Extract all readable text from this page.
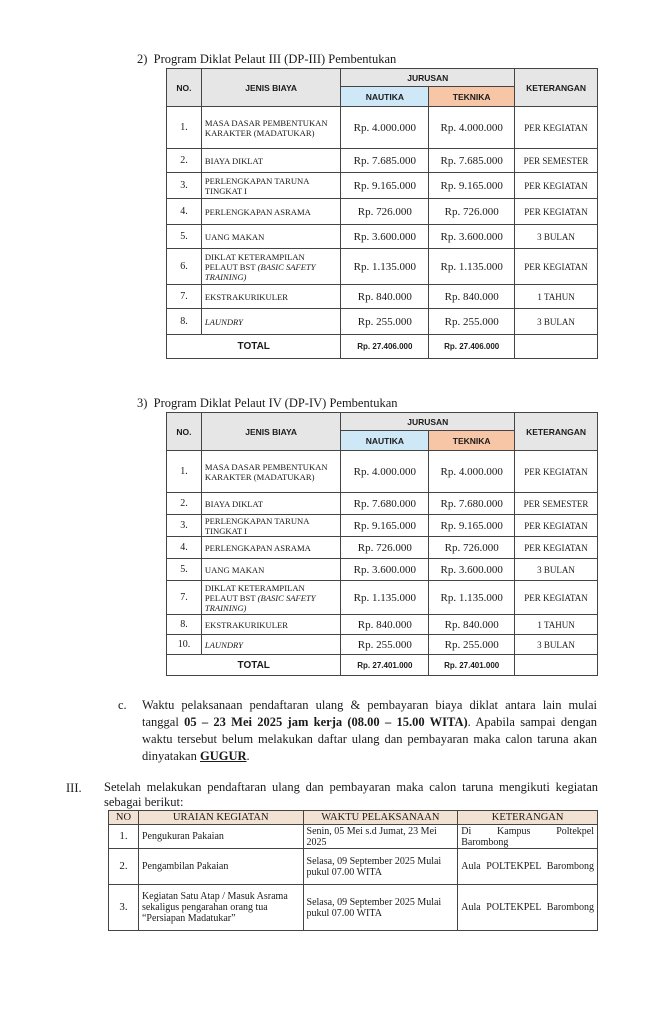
2)  Program Diklat Pelaut III (DP-III) Pembentukan
NO.	JENIS BIAYA	JURUSAN		KETERANGAN
		NAUTIKA	TEKNIKA	
1.	MASA DASAR PEMBENTUKAN KARAKTER (MADATUKAR)	Rp. 4.000.000	Rp. 4.000.000	PER KEGIATAN
2.	BIAYA DIKLAT	Rp. 7.685.000	Rp. 7.685.000	PER SEMESTER
3.	PERLENGKAPAN TARUNA TINGKAT I	Rp. 9.165.000	Rp. 9.165.000	PER KEGIATAN
4.	PERLENGKAPAN ASRAMA	Rp. 726.000	Rp. 726.000	PER KEGIATAN
5.	UANG MAKAN	Rp. 3.600.000	Rp. 3.600.000	3 BULAN
6.	DIKLAT KETERAMPILAN PELAUT BST (BASIC SAFETY TRAINING)	Rp. 1.135.000	Rp. 1.135.000	PER KEGIATAN
7.	EKSTRAKURIKULER	Rp. 840.000	Rp. 840.000	1 TAHUN
8.	LAUNDRY	Rp. 255.000	Rp. 255.000	3 BULAN
TOTAL		Rp. 27.406.000	Rp. 27.406.000	
3)  Program Diklat Pelaut IV (DP-IV) Pembentukan
NO.	JENIS BIAYA	JURUSAN		KETERANGAN
		NAUTIKA	TEKNIKA	
1.	MASA DASAR PEMBENTUKAN KARAKTER (MADATUKAR)	Rp. 4.000.000	Rp. 4.000.000	PER KEGIATAN
2.	BIAYA DIKLAT	Rp. 7.680.000	Rp. 7.680.000	PER SEMESTER
3.	PERLENGKAPAN TARUNA TINGKAT I	Rp. 9.165.000	Rp. 9.165.000	PER KEGIATAN
4.	PERLENGKAPAN ASRAMA	Rp. 726.000	Rp. 726.000	PER KEGIATAN
5.	UANG MAKAN	Rp. 3.600.000	Rp. 3.600.000	3 BULAN
7.	DIKLAT KETERAMPILAN PELAUT BST (BASIC SAFETY TRAINING)	Rp. 1.135.000	Rp. 1.135.000	PER KEGIATAN
8.	EKSTRAKURIKULER	Rp. 840.000	Rp. 840.000	1 TAHUN
10.	LAUNDRY	Rp. 255.000	Rp. 255.000	3 BULAN
TOTAL		Rp. 27.401.000	Rp. 27.401.000	
c. Waktu pelaksanaan pendaftaran ulang & pembayaran biaya diklat antara lain mulai tanggal 05 – 23 Mei 2025 jam kerja (08.00 – 15.00 WITA). Apabila sampai dengan waktu tersebut belum melakukan daftar ulang dan pembayaran maka calon taruna akan dinyatakan GUGUR.
III. Setelah melakukan pendaftaran ulang dan pembayaran maka calon taruna mengikuti kegiatan sebagai berikut:
NO	URAIAN KEGIATAN	WAKTU PELAKSANAAN	KETERANGAN
1.	Pengukuran Pakaian	Senin, 05 Mei s.d Jumat, 23 Mei 2025	Di Kampus Poltekpel Barombong
2.	Pengambilan Pakaian	Selasa, 09 September 2025 Mulai pukul 07.00 WITA	Aula POLTEKPEL Barombong
3.	Kegiatan Satu Atap / Masuk Asrama sekaligus pengarahan orang tua “Persiapan Madatukar”	Selasa, 09 September 2025 Mulai pukul 07.00 WITA	Aula POLTEKPEL Barombong
